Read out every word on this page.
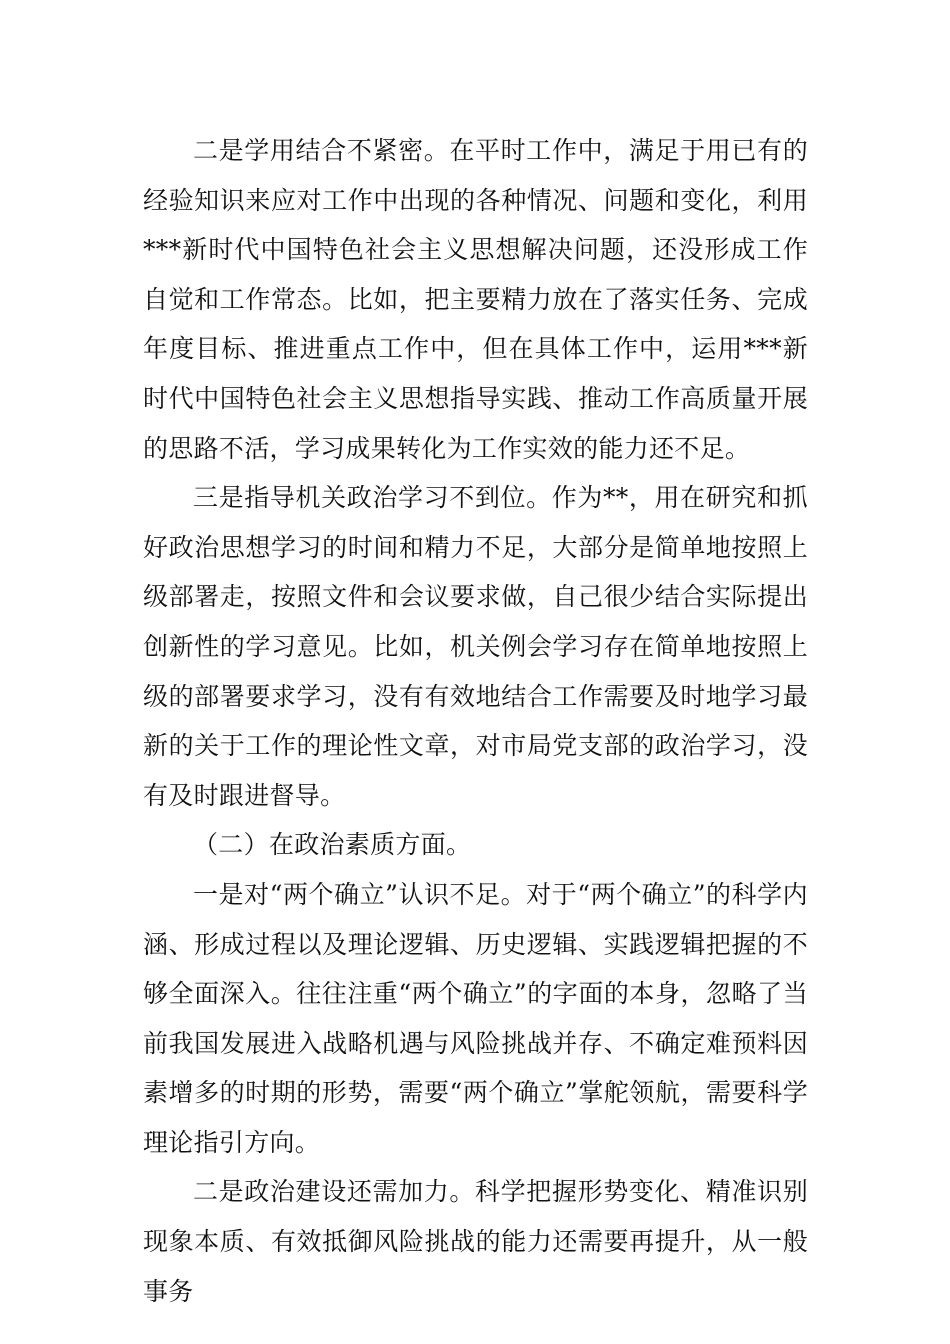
二是学用结合不紧密。在平时工作中，满足于用已有的经验知识来应对工作中出现的各种情况、问题和变化，利用***新时代中国特色社会主义思想解决问题，还没形成工作自觉和工作常态。比如，把主要精力放在了落实任务、完成年度目标、推进重点工作中，但在具体工作中，运用***新时代中国特色社会主义思想指导实践、推动工作高质量开展的思路不活，学习成果转化为工作实效的能力还不足。

三是指导机关政治学习不到位。作为**，用在研究和抓好政治思想学习的时间和精力不足，大部分是简单地按照上级部署走，按照文件和会议要求做，自己很少结合实际提出创新性的学习意见。比如，机关例会学习存在简单地按照上级的部署要求学习，没有有效地结合工作需要及时地学习最新的关于工作的理论性文章，对市局党支部的政治学习，没有及时跟进督导。

（二）在政治素质方面。

一是对“两个确立”认识不足。对于“两个确立”的科学内涵、形成过程以及理论逻辑、历史逻辑、实践逻辑把握的不够全面深入。往往注重“两个确立”的字面的本身，忽略了当前我国发展进入战略机遇与风险挑战并存、不确定难预料因素增多的时期的形势，需要“两个确立”掌舵领航，需要科学理论指引方向。

二是政治建设还需加力。科学把握形势变化、精准识别现象本质、有效抵御风险挑战的能力还需要再提升，从一般事务
